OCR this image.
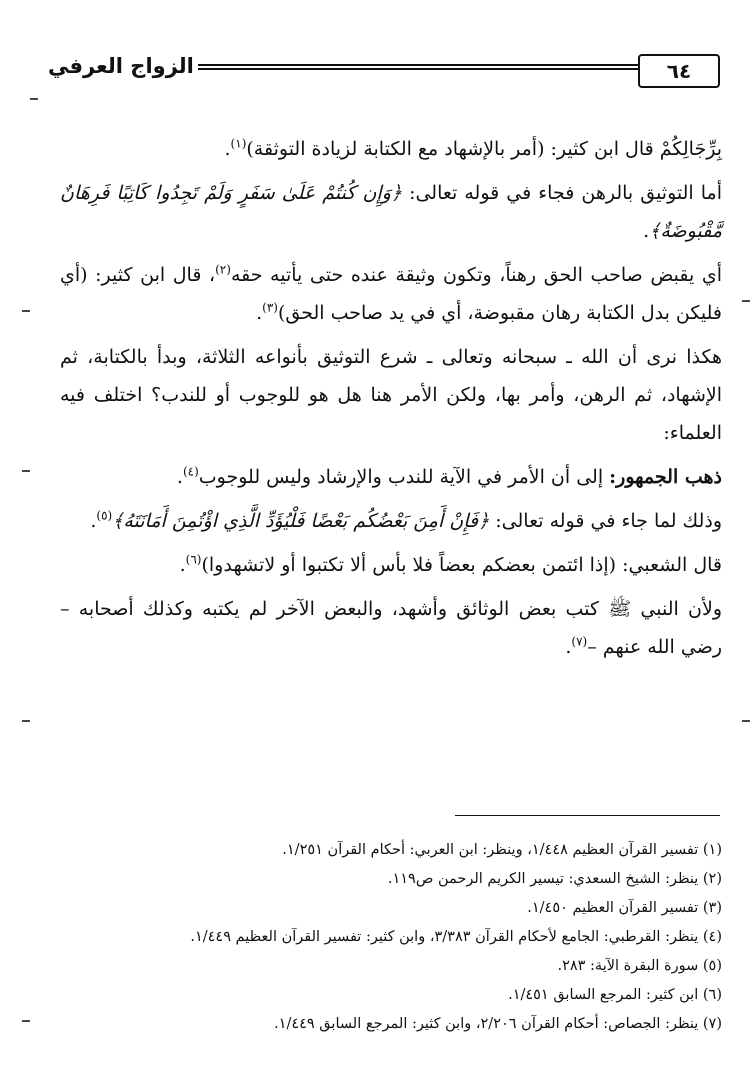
الزواج العرفي	٦٤

بِرِّجَالِكُمْ قال ابن كثير: (أمر بالإشهاد مع الكتابة لزيادة التوثقة)$^{(١)}$.

أما التوثيق بالرهن فجاء في قوله تعالى: ﴿وَإِن كُنتُمْ عَلَىٰ سَفَرٍ وَلَمْ تَجِدُوا كَاتِبًا فَرِهَانٌ مَّقْبُوضَةٌ﴾.

أي يقبض صاحب الحق رهناً، وتكون وثيقة عنده حتى يأتيه حقه$^{(٢)}$، قال ابن كثير: (أي فليكن بدل الكتابة رهان مقبوضة، أي في يد صاحب الحق)$^{(٣)}$.

هكذا نرى أن الله ـ سبحانه وتعالى ـ شرع التوثيق بأنواعه الثلاثة، وبدأ بالكتابة، ثم الإشهاد، ثم الرهن، وأمر بها، ولكن الأمر هنا هل هو للوجوب أو للندب؟ اختلف فيه العلماء:

ذهب الجمهور: إلى أن الأمر في الآية للندب والإرشاد وليس للوجوب$^{(٤)}$.

وذلك لما جاء في قوله تعالى: ﴿فَإِنْ أَمِنَ بَعْضُكُم بَعْضًا فَلْيُؤَدِّ الَّذِي اؤْتُمِنَ أَمَانَتَهُ﴾$^{(٥)}$.

قال الشعبي: (إذا ائتمن بعضكم بعضاً فلا بأس ألا تكتبوا أو لاتشهدوا)$^{(٦)}$.

ولأن النبي ﷺ كتب بعض الوثائق وأشهد، والبعض الآخر لم يكتبه وكذلك أصحابه – رضي الله عنهم –$^{(٧)}$.

(١) تفسير القرآن العظيم ١/٤٤٨، وينظر: ابن العربي: أحكام القرآن ١/٢٥١.
(٢) ينظر: الشيخ السعدي: تيسير الكريم الرحمن ص١١٩.
(٣) تفسير القرآن العظيم ١/٤٥٠.
(٤) ينظر: القرطبي: الجامع لأحكام القرآن ٣/٣٨٣، وابن كثير: تفسير القرآن العظيم ١/٤٤٩.
(٥) سورة البقرة الآية: ٢٨٣.
(٦) ابن كثير: المرجع السابق ١/٤٥١.
(٧) ينظر: الجصاص: أحكام القرآن ٢/٢٠٦، وابن كثير: المرجع السابق ١/٤٤٩.
